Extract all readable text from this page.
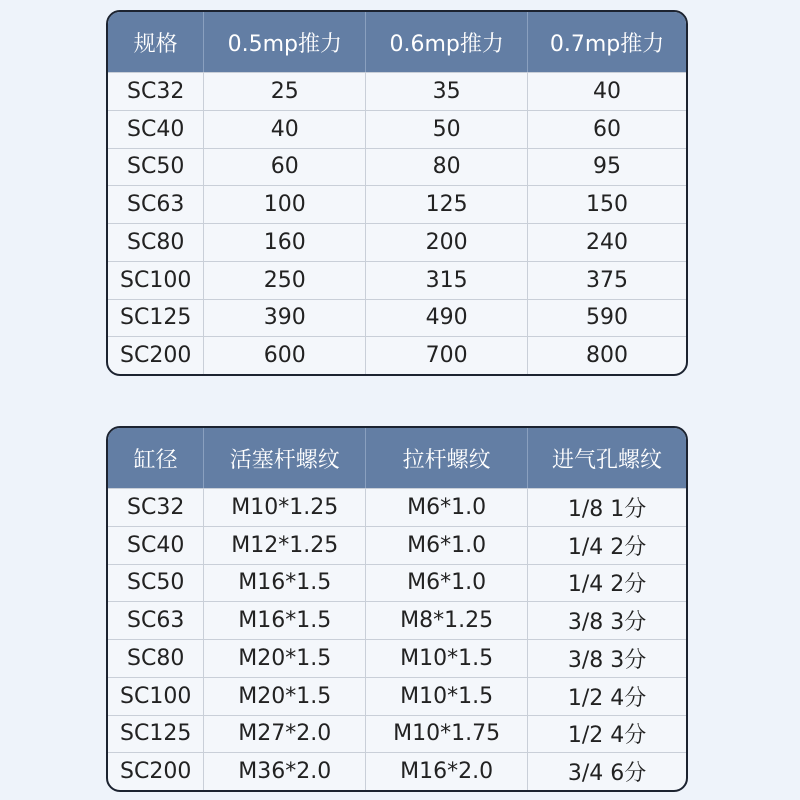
规格	0.5mp推力	0.6mp推力	0.7mp推力
SC32	25	35	40
SC40	40	50	60
SC50	60	80	95
SC63	100	125	150
SC80	160	200	240
SC100	250	315	375
SC125	390	490	590
SC200	600	700	800
缸径	活塞杆螺纹	拉杆螺纹	进气孔螺纹
SC32	M10*1.25	M6*1.0	1/8 1分
SC40	M12*1.25	M6*1.0	1/4 2分
SC50	M16*1.5	M6*1.0	1/4 2分
SC63	M16*1.5	M8*1.25	3/8 3分
SC80	M20*1.5	M10*1.5	3/8 3分
SC100	M20*1.5	M10*1.5	1/2 4分
SC125	M27*2.0	M10*1.75	1/2 4分
SC200	M36*2.0	M16*2.0	3/4 6分
